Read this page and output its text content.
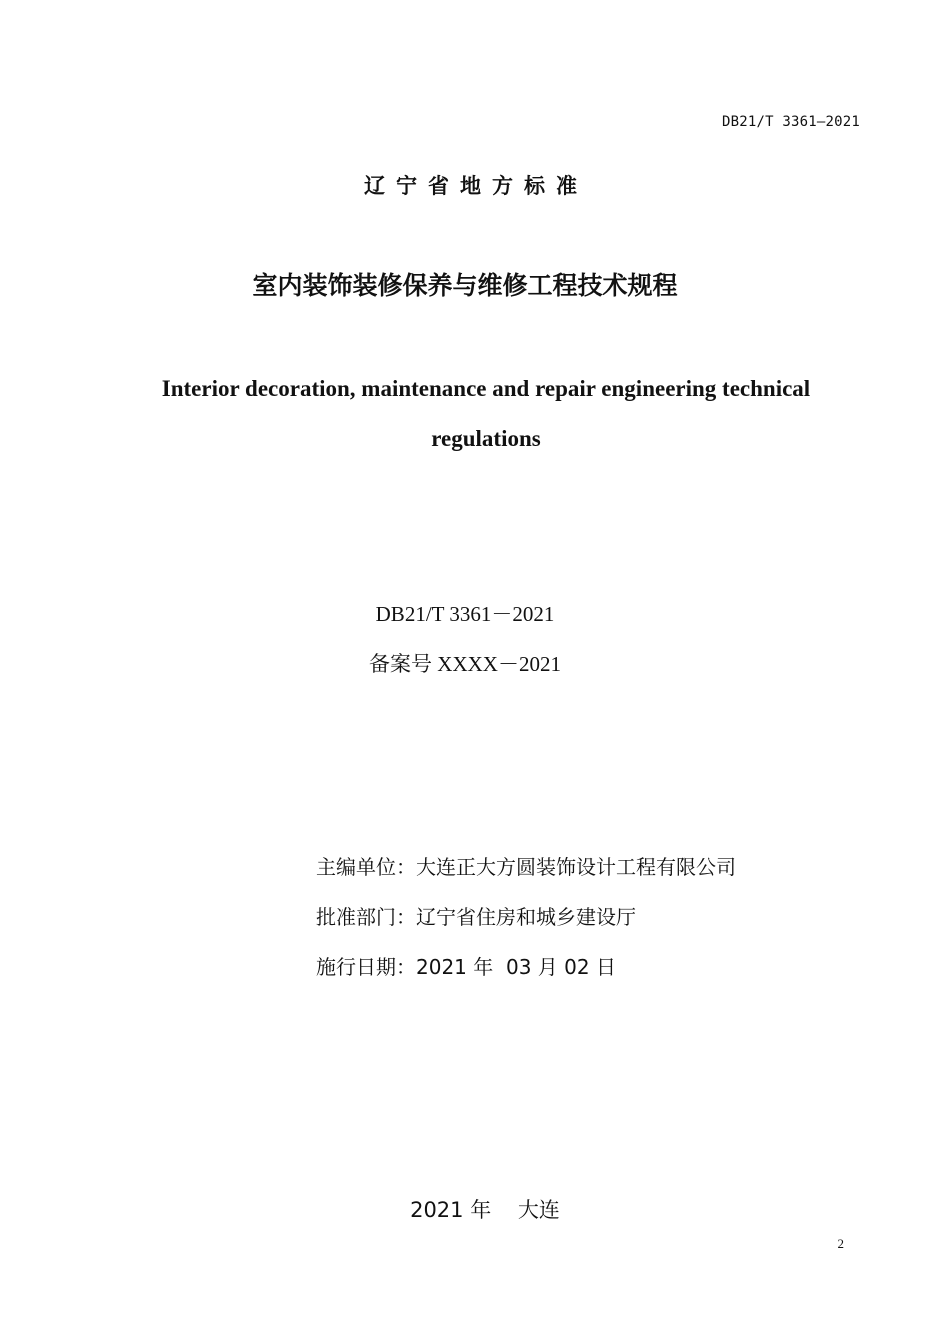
DB21/T 3361—2021
辽宁省地方标准
室内装饰装修保养与维修工程技术规程
Interior decoration, maintenance and repair engineering technical
regulations
DB21/T 3361－2021
备案号 XXXX－2021
主编单位：大连正大方圆装饰设计工程有限公司
批准部门：辽宁省住房和城乡建设厅
施行日期：2021 年  03 月 02 日
2021 年    大连
2
